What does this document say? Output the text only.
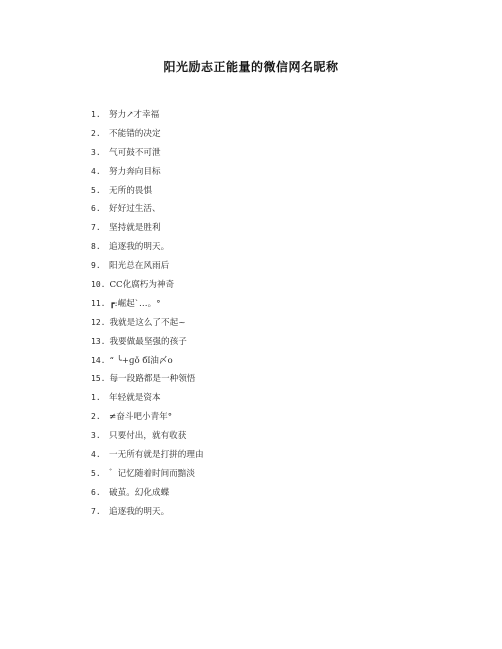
阳光励志正能量的微信网名昵称
1. 努力↗才幸福
2. 不能错的决定
3. 气可鼓不可泄
4. 努力奔向目标
5. 无所的畏惧
6. 好好过生活、
7. 坚持就是胜利
8. 追逐我的明天。
9. 阳光总在风雨后
10. CC化腐朽为神奇
11. ┏:崛起`…。°
12. 我就是这么了不起~
13. 我要做最坚强的孩子
14. “ ╰+ɡǒ бǐ油〆ο
15. 每一段路都是一种领悟
1. 年轻就是资本
2. ≠奋斗吧小青年°
3. 只要付出，就有收获
4. 一无所有就是打拼的理由
5. ゛记忆随着时间而黯淡
6. 破茧。幻化成蝶
7. 追逐我的明天。
